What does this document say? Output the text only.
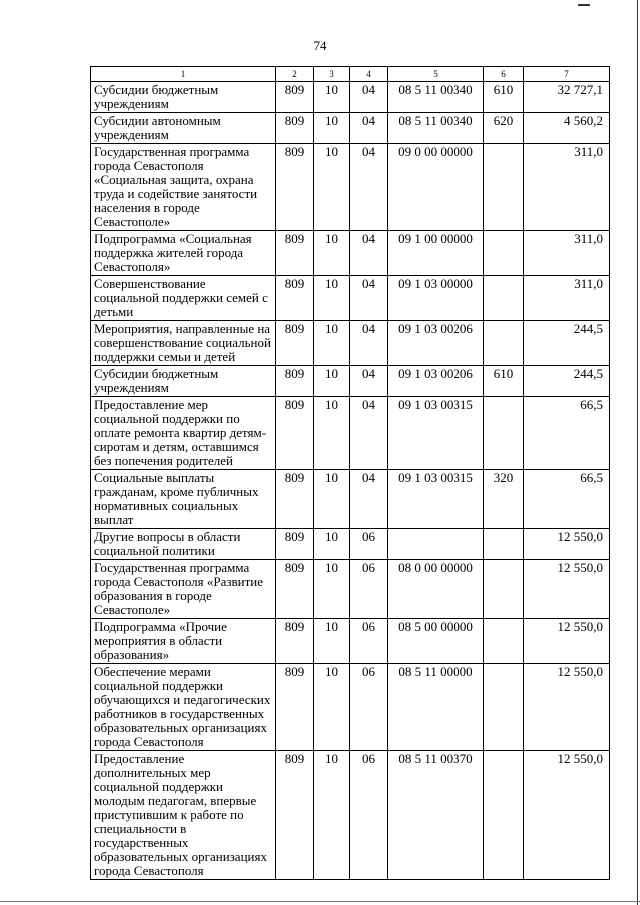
74
1	2	3	4	5	6	7
Субсидии бюджетным учреждениям	809	10	04	08 5 11 00340	610	32 727,1
Субсидии автономным учреждениям	809	10	04	08 5 11 00340	620	4 560,2
Государственная программа города Севастополя «Социальная защита, охрана труда и содействие занятости населения в городе Севастополе»	809	10	04	09 0 00 00000		311,0
Подпрограмма «Социальная поддержка жителей города Севастополя»	809	10	04	09 1 00 00000		311,0
Совершенствование социальной поддержки семей с детьми	809	10	04	09 1 03 00000		311,0
Мероприятия, направленные на совершенствование социальной поддержки семьи и детей	809	10	04	09 1 03 00206		244,5
Субсидии бюджетным учреждениям	809	10	04	09 1 03 00206	610	244,5
Предоставление мер социальной поддержки по оплате ремонта квартир детям-сиротам и детям, оставшимся без попечения родителей	809	10	04	09 1 03 00315		66,5
Социальные выплаты гражданам, кроме публичных нормативных социальных выплат	809	10	04	09 1 03 00315	320	66,5
Другие вопросы в области социальной политики	809	10	06			12 550,0
Государственная программа города Севастополя «Развитие образования в городе Севастополе»	809	10	06	08 0 00 00000		12 550,0
Подпрограмма «Прочие мероприятия в области образования»	809	10	06	08 5 00 00000		12 550,0
Обеспечение мерами социальной поддержки обучающихся и педагогических работников в государственных образовательных организациях города Севастополя	809	10	06	08 5 11 00000		12 550,0
Предоставление дополнительных мер социальной поддержки молодым педагогам, впервые приступившим к работе по специальности в государственных образовательных организациях города Севастополя	809	10	06	08 5 11 00370		12 550,0
